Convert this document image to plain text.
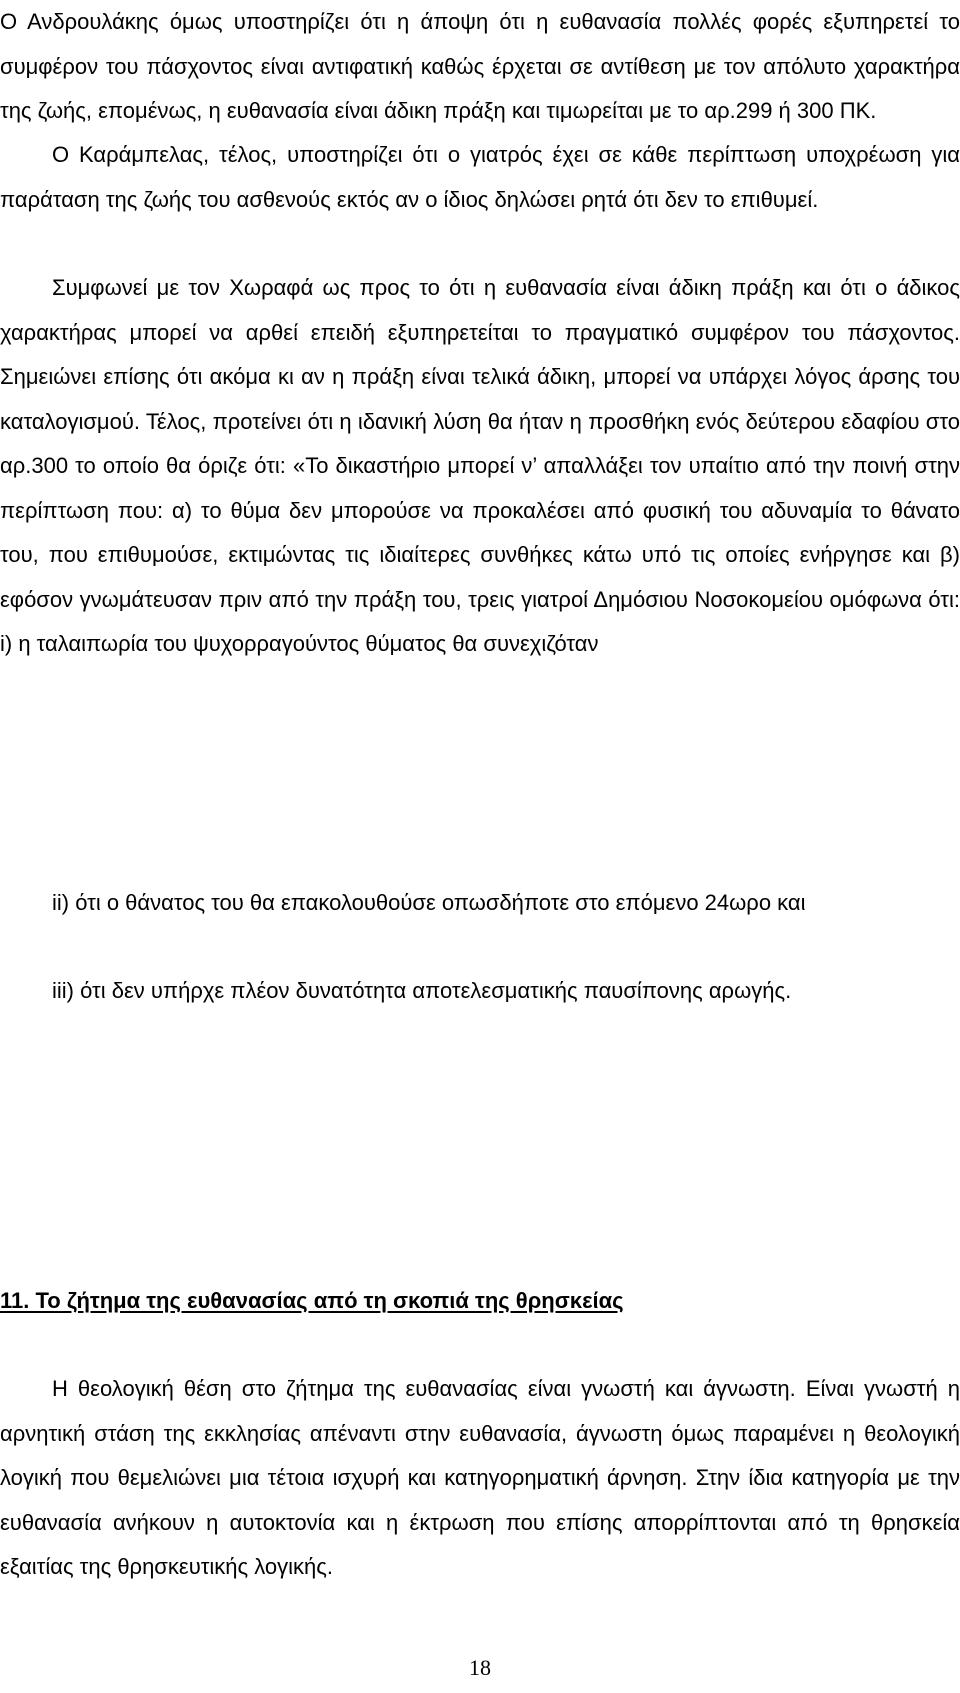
Ο Ανδρουλάκης όμως υποστηρίζει ότι η άποψη ότι η ευθανασία πολλές φορές εξυπηρετεί το συμφέρον του πάσχοντος είναι αντιφατική καθώς έρχεται σε αντίθεση με τον απόλυτο χαρακτήρα της ζωής, επομένως, η ευθανασία είναι άδικη πράξη και τιμωρείται με το αρ.299 ή 300 ΠΚ.

Ο Καράμπελας, τέλος, υποστηρίζει ότι ο γιατρός έχει σε κάθε περίπτωση υποχρέωση για παράταση της ζωής του ασθενούς εκτός αν ο ίδιος δηλώσει ρητά ότι δεν το επιθυμεί.

Συμφωνεί με τον Χωραφά ως προς το ότι η ευθανασία είναι άδικη πράξη και ότι ο άδικος χαρακτήρας μπορεί να αρθεί επειδή εξυπηρετείται το πραγματικό συμφέρον του πάσχοντος. Σημειώνει επίσης ότι ακόμα κι αν η πράξη είναι τελικά άδικη, μπορεί να υπάρχει λόγος άρσης του καταλογισμού. Τέλος, προτείνει ότι η ιδανική λύση θα ήταν η προσθήκη ενός δεύτερου εδαφίου στο αρ.300 το οποίο θα όριζε ότι: «Το δικαστήριο μπορεί ν’ απαλλάξει τον υπαίτιο από την ποινή στην περίπτωση που: α) το θύμα δεν μπορούσε να προκαλέσει από φυσική του αδυναμία το θάνατο του, που επιθυμούσε, εκτιμώντας τις ιδιαίτερες συνθήκες κάτω υπό τις οποίες ενήργησε και β) εφόσον γνωμάτευσαν πριν από την πράξη του, τρεις γιατροί Δημόσιου Νοσοκομείου ομόφωνα ότι: i) η ταλαιπωρία του ψυχορραγούντος θύματος θα συνεχιζόταν

ii) ότι ο θάνατος του θα επακολουθούσε οπωσδήποτε στο επόμενο 24ωρο και

iii) ότι δεν υπήρχε πλέον δυνατότητα αποτελεσματικής παυσίπονης αρωγής.

11. Το ζήτημα της ευθανασίας από τη σκοπιά της θρησκείας

Η θεολογική θέση στο ζήτημα της ευθανασίας είναι γνωστή και άγνωστη. Είναι γνωστή η αρνητική στάση της εκκλησίας απέναντι στην ευθανασία, άγνωστη όμως παραμένει η θεολογική λογική που θεμελιώνει μια τέτοια ισχυρή και κατηγορηματική άρνηση. Στην ίδια κατηγορία με την ευθανασία ανήκουν η αυτοκτονία και η έκτρωση που επίσης απορρίπτονται από τη θρησκεία εξαιτίας της θρησκευτικής λογικής.

18
